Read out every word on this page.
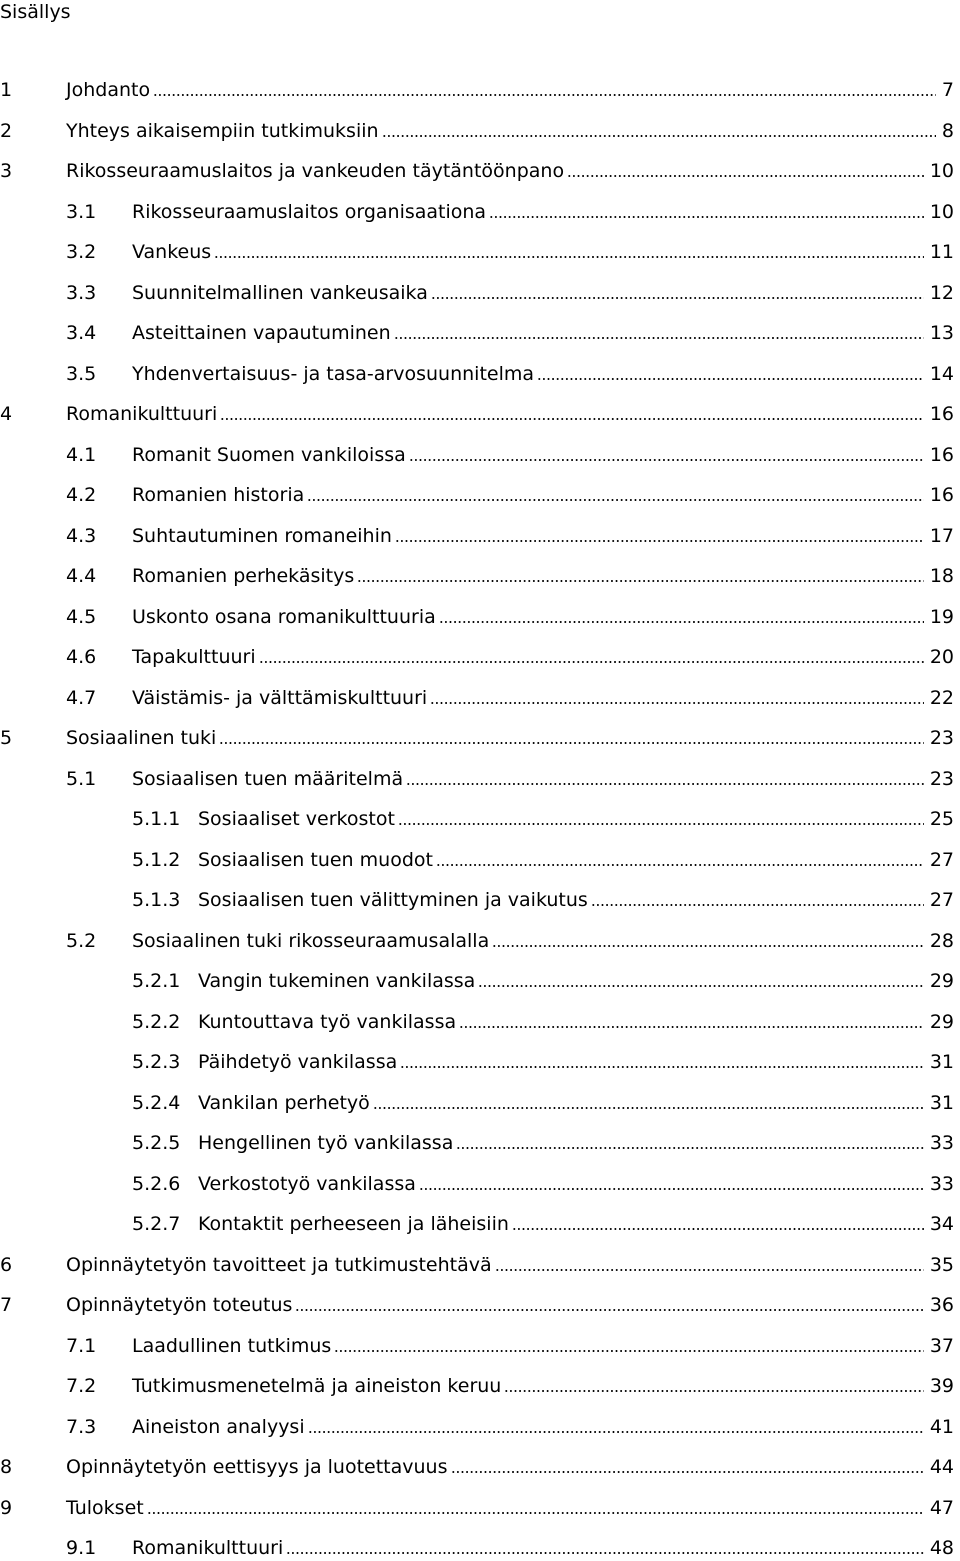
Sisällys
1	Johdanto	7
2	Yhteys aikaisempiin tutkimuksiin	8
3	Rikosseuraamuslaitos ja vankeuden täytäntöönpano	10
3.1	Rikosseuraamuslaitos organisaationa	10
3.2	Vankeus	11
3.3	Suunnitelmallinen vankeusaika	12
3.4	Asteittainen vapautuminen	13
3.5	Yhdenvertaisuus- ja tasa-arvosuunnitelma	14
4	Romanikulttuuri	16
4.1	Romanit Suomen vankiloissa	16
4.2	Romanien historia	16
4.3	Suhtautuminen romaneihin	17
4.4	Romanien perhekäsitys	18
4.5	Uskonto osana romanikulttuuria	19
4.6	Tapakulttuuri	20
4.7	Väistämis- ja välttämiskulttuuri	22
5	Sosiaalinen tuki	23
5.1	Sosiaalisen tuen määritelmä	23
5.1.1 Sosiaaliset verkostot	25
5.1.2 Sosiaalisen tuen muodot	27
5.1.3 Sosiaalisen tuen välittyminen ja vaikutus	27
5.2	Sosiaalinen tuki rikosseuraamusalalla	28
5.2.1 Vangin tukeminen vankilassa	29
5.2.2 Kuntouttava työ vankilassa	29
5.2.3 Päihdetyö vankilassa	31
5.2.4 Vankilan perhetyö	31
5.2.5 Hengellinen työ vankilassa	33
5.2.6 Verkostotyö vankilassa	33
5.2.7 Kontaktit perheeseen ja läheisiin	34
6	Opinnäytetyön tavoitteet ja tutkimustehtävä	35
7	Opinnäytetyön toteutus	36
7.1	Laadullinen tutkimus	37
7.2	Tutkimusmenetelmä ja aineiston keruu	39
7.3	Aineiston analyysi	41
8	Opinnäytetyön eettisyys ja luotettavuus	44
9	Tulokset	47
9.1	Romanikulttuuri	48
